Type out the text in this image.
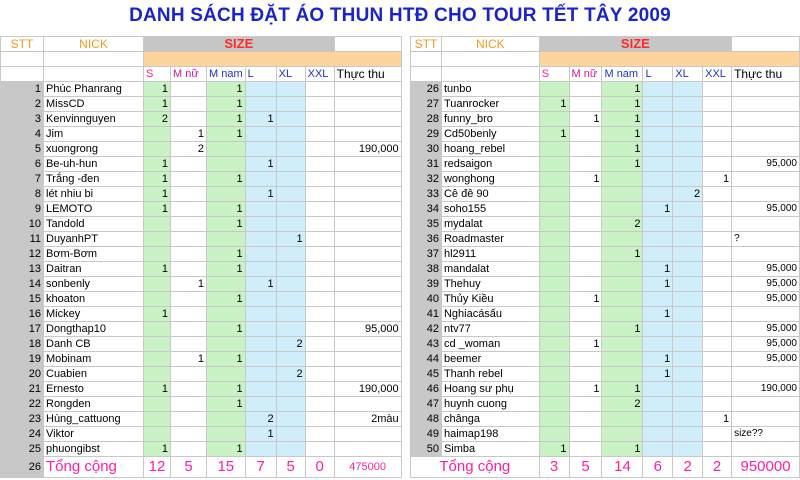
DANH SÁCH ĐẶT ÁO THUN HTĐ CHO TOUR TẾT TÂY 2009
STT	NICK	SIZE						

		S	M nữ	M nam	L	XL	XXL	Thực thu
1	Phúc Phanrang	1		1				
2	MissCD	1		1				
3	Kenvinnguyen	2		1	1			
4	Jim		1	1				
5	xuongrong		2					190,000
6	Be-uh-hun	1			1			
7	Trắng -đen	1		1				
8	lét nhiu bi	1			1			
9	LEMOTO	1		1				
10	Tandold			1				
11	DuyanhPT					1		
12	Bơm-Bơm			1				
13	Daitran	1		1				
14	sonbenly		1		1			
15	khoaton			1				
16	Mickey	1						
17	Dongthap10			1				95,000
18	Danh CB					2		
19	Mobinam		1	1				
20	Cuabien					2		
21	Ernesto	1		1				190,000
22	Rongden			1				
23	Hùng_cattuong				2			2màu
24	Viktor				1			
25	phuongibst	1		1				
26	Tổng cộng	12	5	15	7	5	0	475000
STT	NICK	SIZE						

		S	M nữ	M nam	L	XL	XXL	Thực thu
26	tunbo			1				
27	Tuanrocker	1		1				
28	funny_bro		1	1				
29	Cd50benly	1		1				
30	hoang_rebel			1				
31	redsaigon			1				95,000
32	wonghong		1				1	
33	Cê đê 90					2		
34	soho155				1			95,000
35	mydalat			2				
36	Roadmaster							?
37	hl2911			1				
38	mandalat				1			95,000
39	Thehuy				1			95,000
40	Thủy Kiều		1					95,000
41	Nghiacásấu				1			
42	ntv77			1				95,000
43	cd _woman		1					95,000
44	beemer				1			95,000
45	Thanh rebel				1			
46	Hoang sư phụ		1	1				190,000
47	huynh cuong			2				
48	chânga						1	
49	haimap198							size??
50	Simba	1		1				
Tổng cộng		3	5	14	6	2	2	950000
